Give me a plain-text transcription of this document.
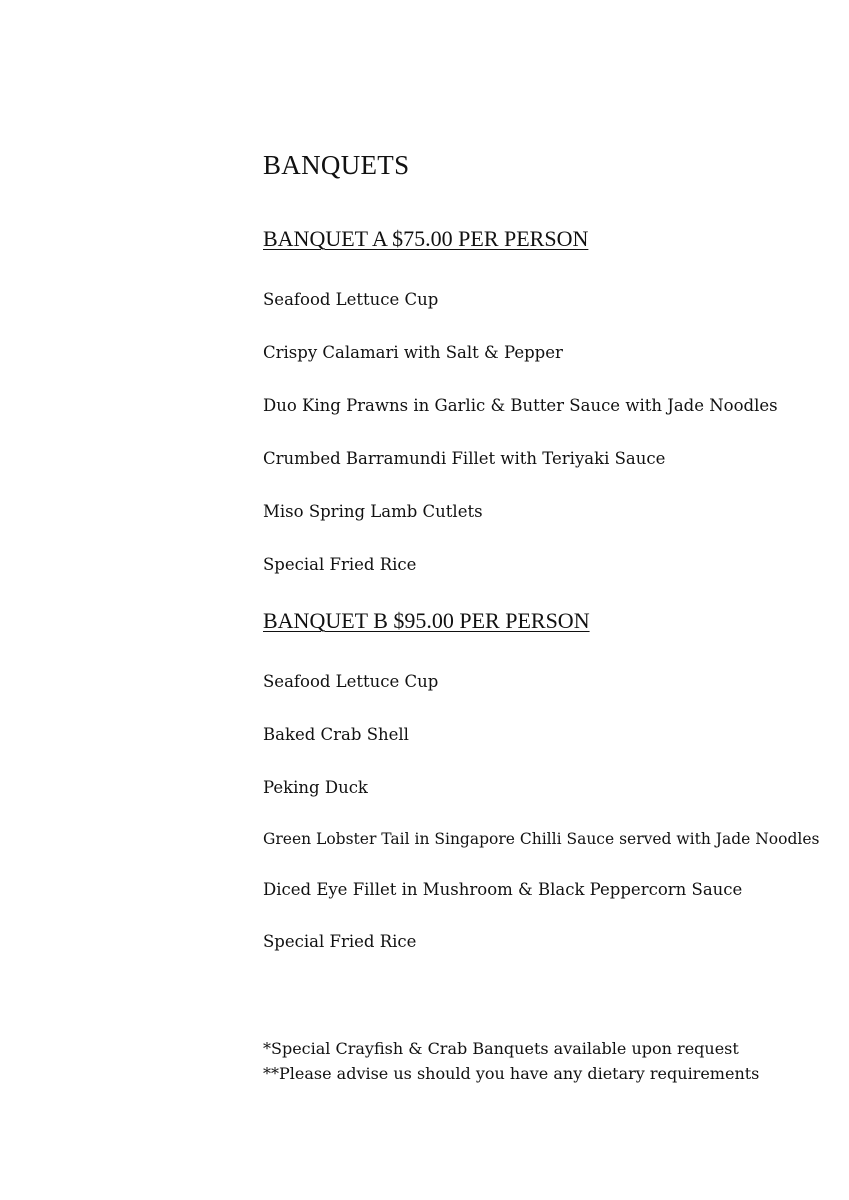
BANQUETS
BANQUET A $75.00 PER PERSON
Seafood Lettuce Cup
Crispy Calamari with Salt & Pepper
Duo King Prawns in Garlic & Butter Sauce with Jade Noodles
Crumbed Barramundi Fillet with Teriyaki Sauce
Miso Spring Lamb Cutlets
Special Fried Rice
BANQUET B $95.00 PER PERSON
Seafood Lettuce Cup
Baked Crab Shell
Peking Duck
Green Lobster Tail in Singapore Chilli Sauce served with Jade Noodles
Diced Eye Fillet in Mushroom & Black Peppercorn Sauce
Special Fried Rice
*Special Crayfish & Crab Banquets available upon request
**Please advise us should you have any dietary requirements
